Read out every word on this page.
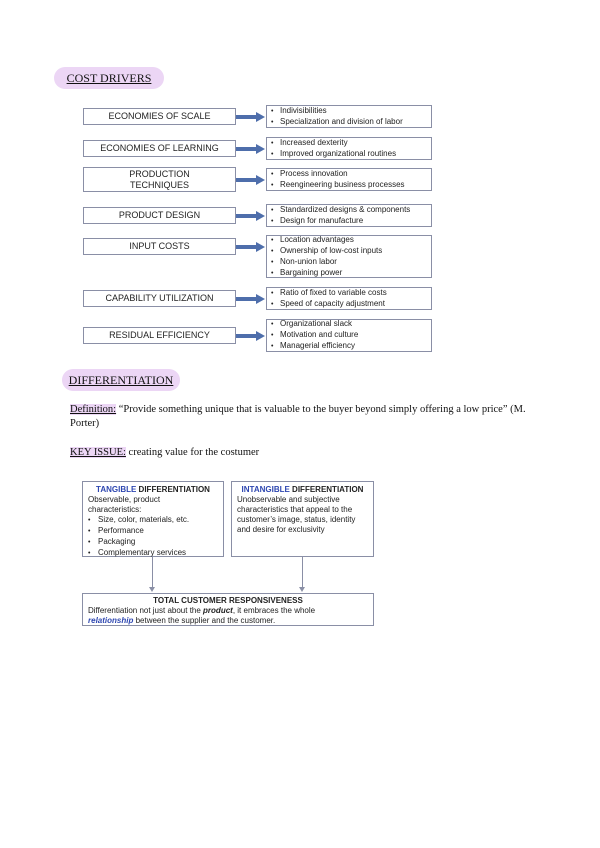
COST DRIVERS
ECONOMIES OF SCALE
• Indivisibilities
• Specialization and division of labor
ECONOMIES OF LEARNING
• Increased dexterity
• Improved organizational routines
PRODUCTION
TECHNIQUES
• Process innovation
• Reengineering business processes
PRODUCT DESIGN
• Standardized designs & components
• Design for manufacture
INPUT COSTS
• Location advantages
• Ownership of low-cost inputs
• Non-union labor
• Bargaining power
CAPABILITY UTILIZATION
• Ratio of fixed to variable costs
• Speed of capacity adjustment
RESIDUAL EFFICIENCY
• Organizational slack
• Motivation and culture
• Managerial efficiency
DIFFERENTIATION
Definition: “Provide something unique that is valuable to the buyer beyond simply offering a low price” (M. Porter)
KEY ISSUE: creating value for the costumer
TANGIBLE DIFFERENTIATION
Observable, product characteristics:
• Size, color, materials, etc.
• Performance
• Packaging
• Complementary services
INTANGIBLE DIFFERENTIATION
Unobservable and subjective characteristics that appeal to the customer’s image, status, identity and desire for exclusivity
TOTAL CUSTOMER RESPONSIVENESS
Differentiation not just about the product, it embraces the whole
relationship between the supplier and the customer.
